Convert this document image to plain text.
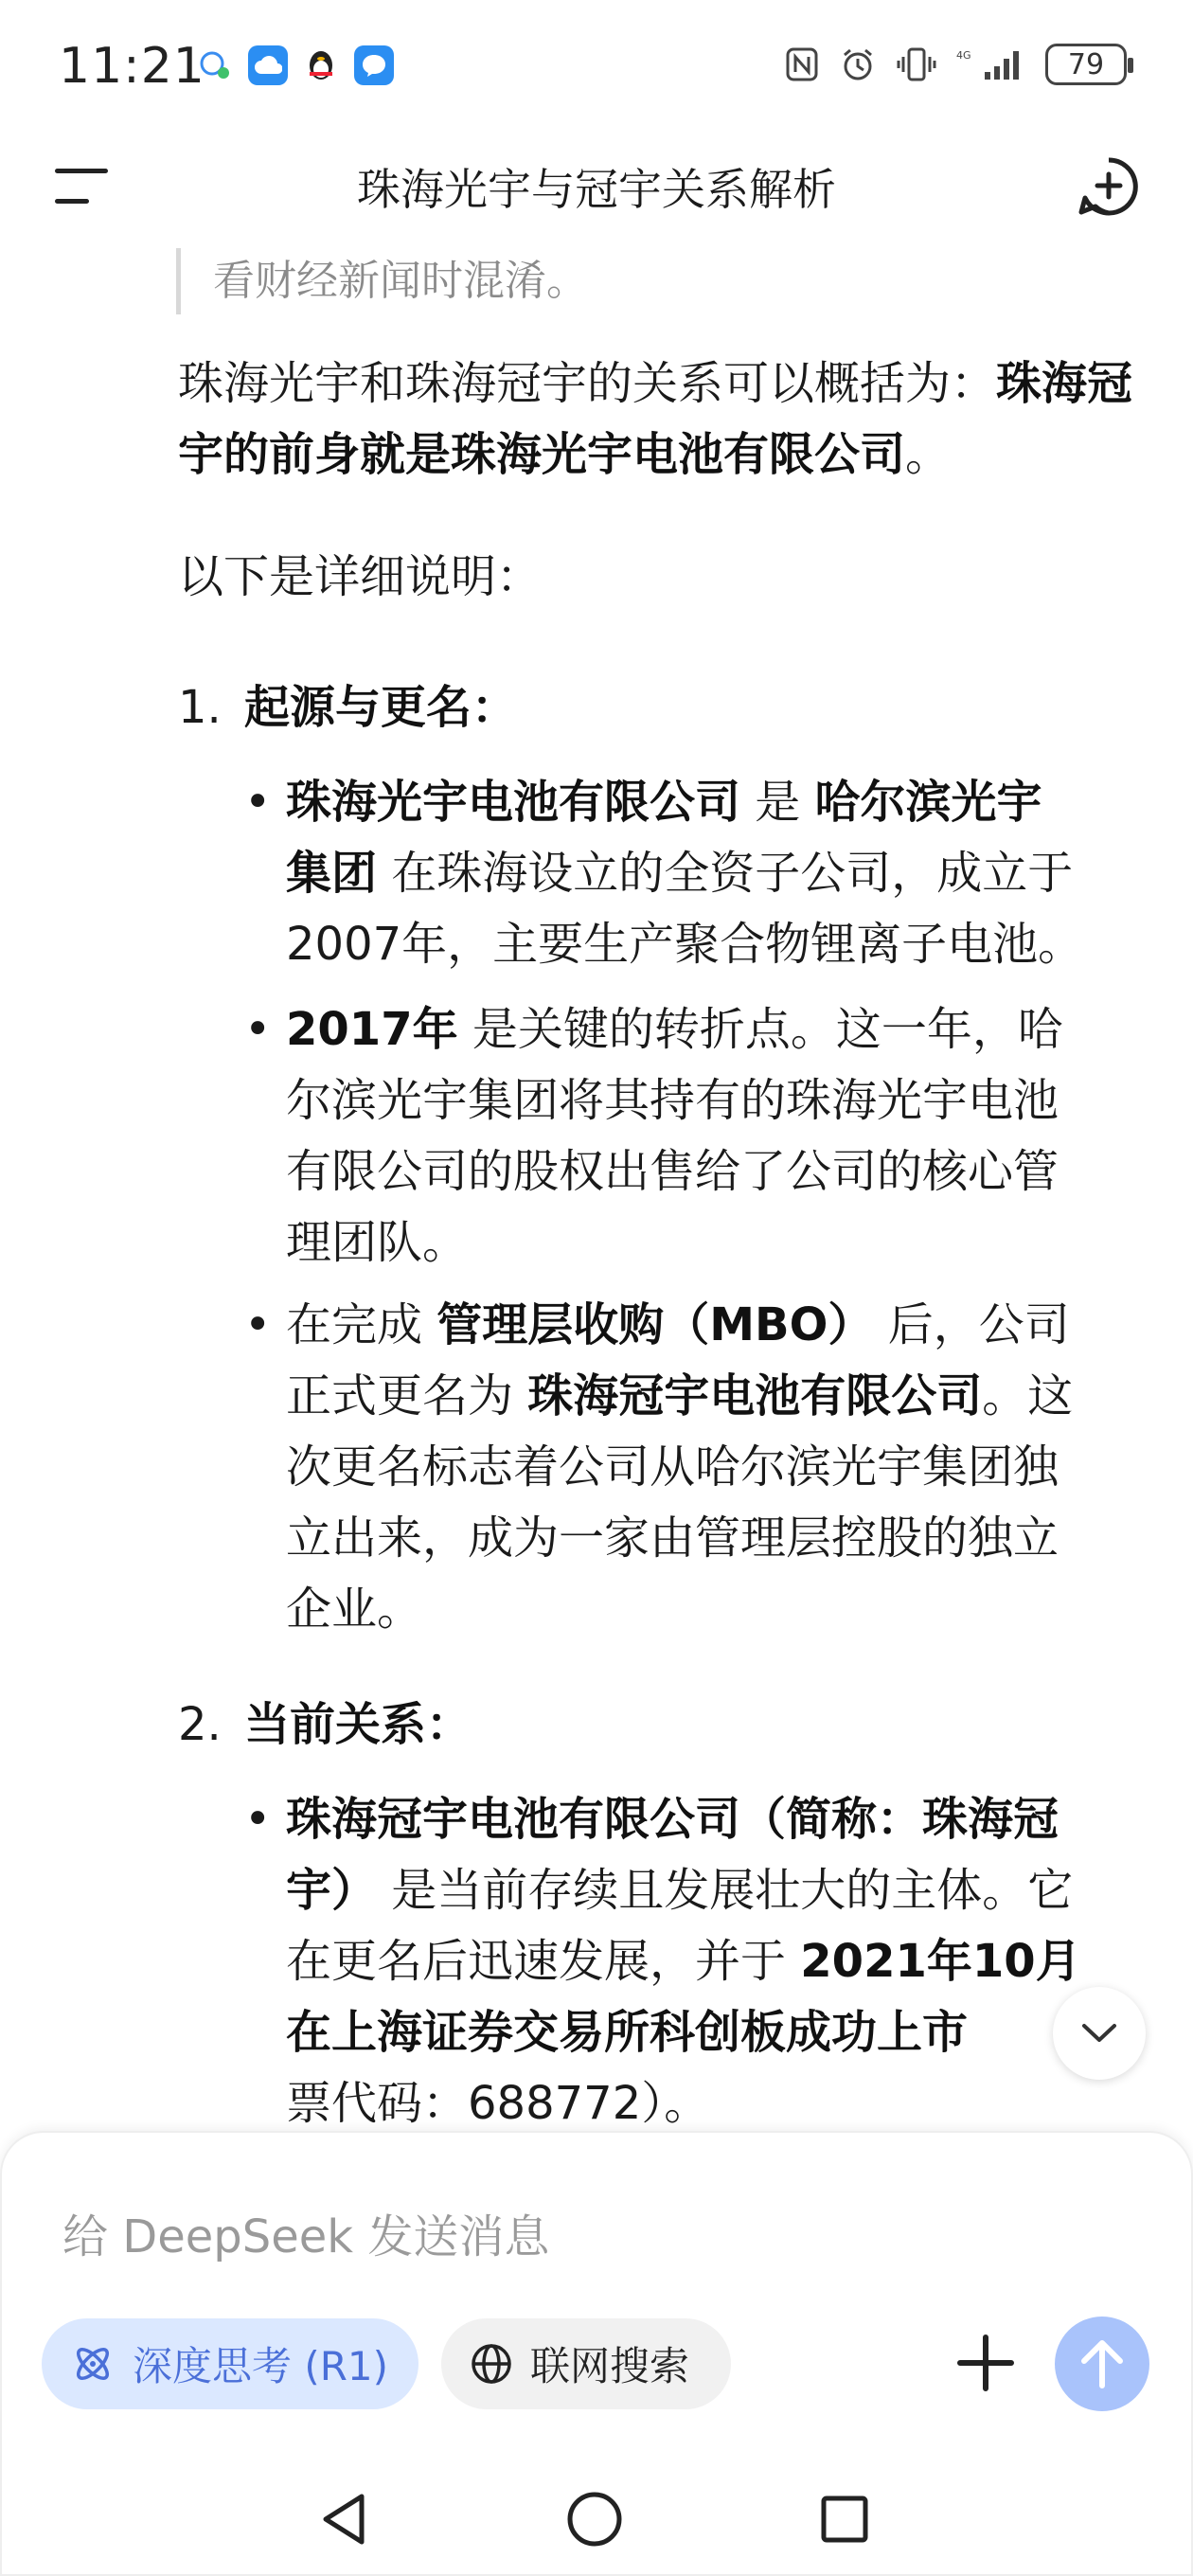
11:21	4G	79
珠海光宇与冠宇关系解析
看财经新闻时混淆。
珠海光宇和珠海冠宇的关系可以概括为：珠海冠宇的前身就是珠海光宇电池有限公司。
以下是详细说明：
1. 起源与更名：
• 珠海光宇电池有限公司 是 哈尔滨光宇
集团 在珠海设立的全资子公司，成立于
2007年，主要生产聚合物锂离子电池。
• 2017年 是关键的转折点。这一年，哈
尔滨光宇集团将其持有的珠海光宇电池
有限公司的股权出售给了公司的核心管
理团队。
• 在完成 管理层收购（MBO） 后，公司
正式更名为 珠海冠宇电池有限公司。这
次更名标志着公司从哈尔滨光宇集团独
立出来，成为一家由管理层控股的独立
企业。
2. 当前关系：
• 珠海冠宇电池有限公司（简称：珠海冠
宇） 是当前存续且发展壮大的主体。它
在更名后迅速发展，并于 2021年10月
在上海证券交易所科创板成功上市
票代码：688772）。
给 DeepSeek 发送消息
深度思考 (R1)	联网搜索
